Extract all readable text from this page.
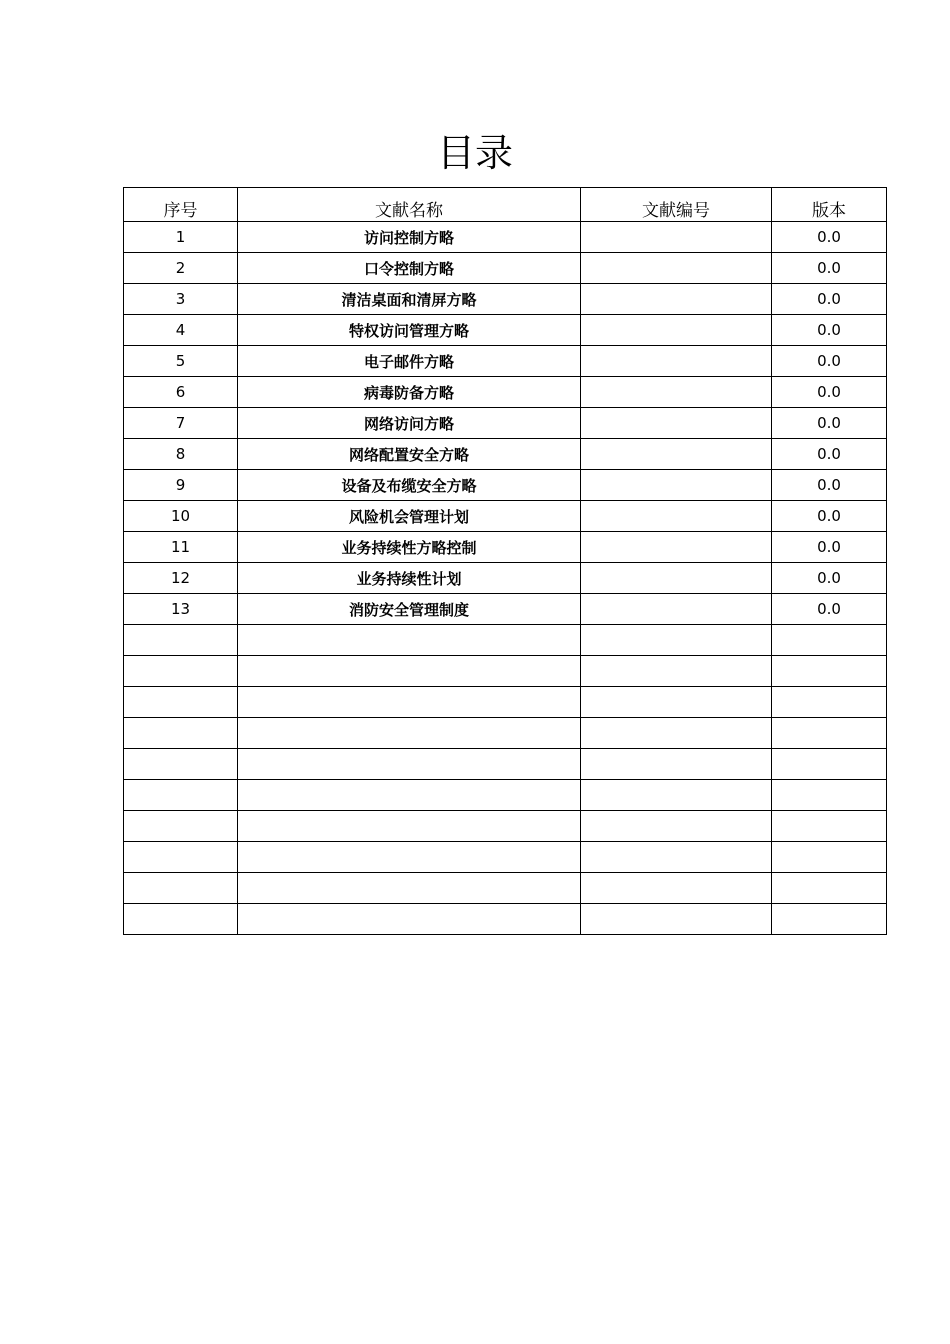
目录
序号	文献名称	文献编号	版本
1	访问控制方略		0.0
2	口令控制方略		0.0
3	清洁桌面和清屏方略		0.0
4	特权访问管理方略		0.0
5	电子邮件方略		0.0
6	病毒防备方略		0.0
7	网络访问方略		0.0
8	网络配置安全方略		0.0
9	设备及布缆安全方略		0.0
10	风险机会管理计划		0.0
11	业务持续性方略控制		0.0
12	业务持续性计划		0.0
13	消防安全管理制度		0.0
